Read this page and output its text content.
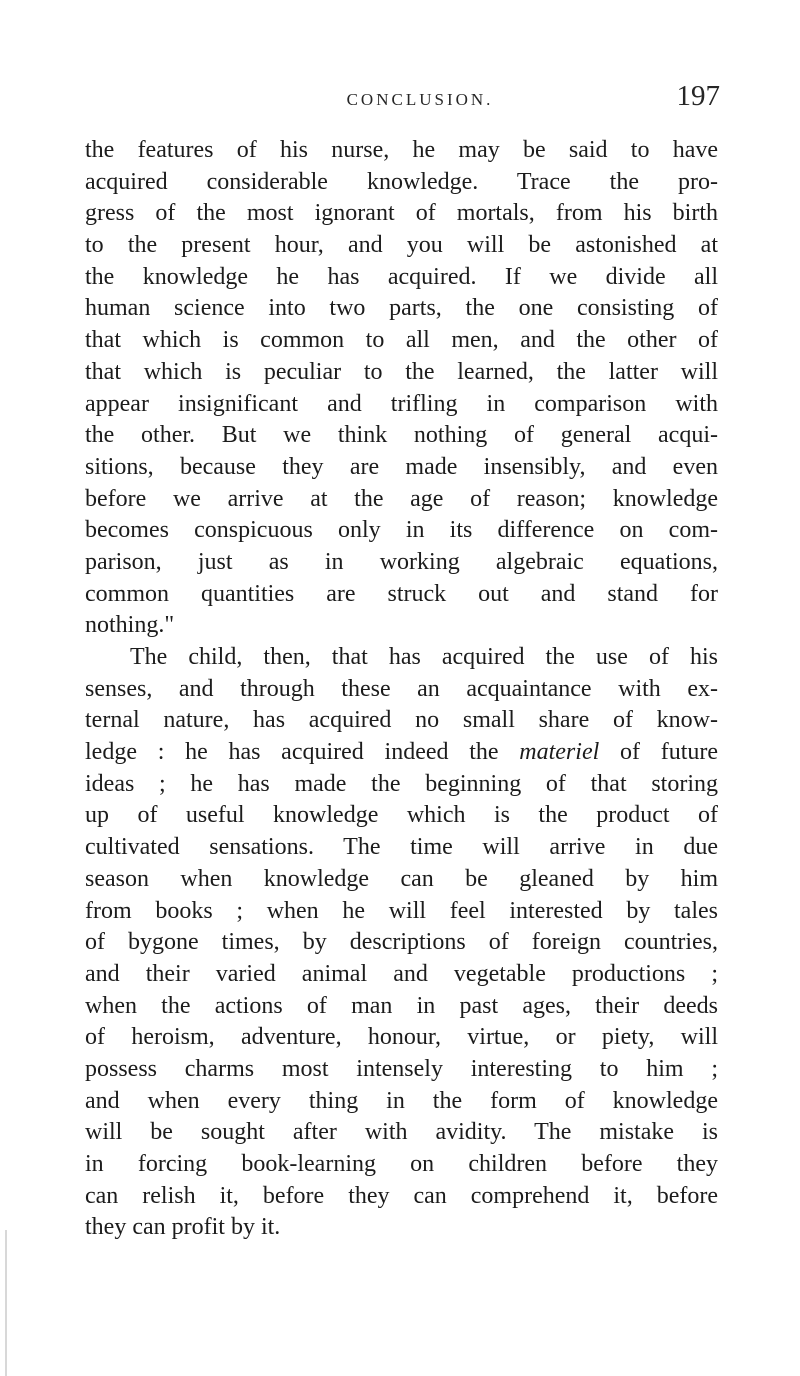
CONCLUSION.	197
the features of his nurse, he may be said to have
acquired considerable knowledge. Trace the pro-
gress of the most ignorant of mortals, from his birth
to the present hour, and you will be astonished at
the knowledge he has acquired. If we divide all
human science into two parts, the one consisting of
that which is common to all men, and the other of
that which is peculiar to the learned, the latter will
appear insignificant and trifling in comparison with
the other. But we think nothing of general acqui-
sitions, because they are made insensibly, and even
before we arrive at the age of reason; knowledge
becomes conspicuous only in its difference on com-
parison, just as in working algebraic equations,
common quantities are struck out and stand for
nothing."
The child, then, that has acquired the use of his
senses, and through these an acquaintance with ex-
ternal nature, has acquired no small share of know-
ledge : he has acquired indeed the materiel of future
ideas ; he has made the beginning of that storing
up of useful knowledge which is the product of
cultivated sensations. The time will arrive in due
season when knowledge can be gleaned by him
from books ; when he will feel interested by tales
of bygone times, by descriptions of foreign countries,
and their varied animal and vegetable productions ;
when the actions of man in past ages, their deeds
of heroism, adventure, honour, virtue, or piety, will
possess charms most intensely interesting to him ;
and when every thing in the form of knowledge
will be sought after with avidity. The mistake is
in forcing book-learning on children before they
can relish it, before they can comprehend it, before
they can profit by it.
